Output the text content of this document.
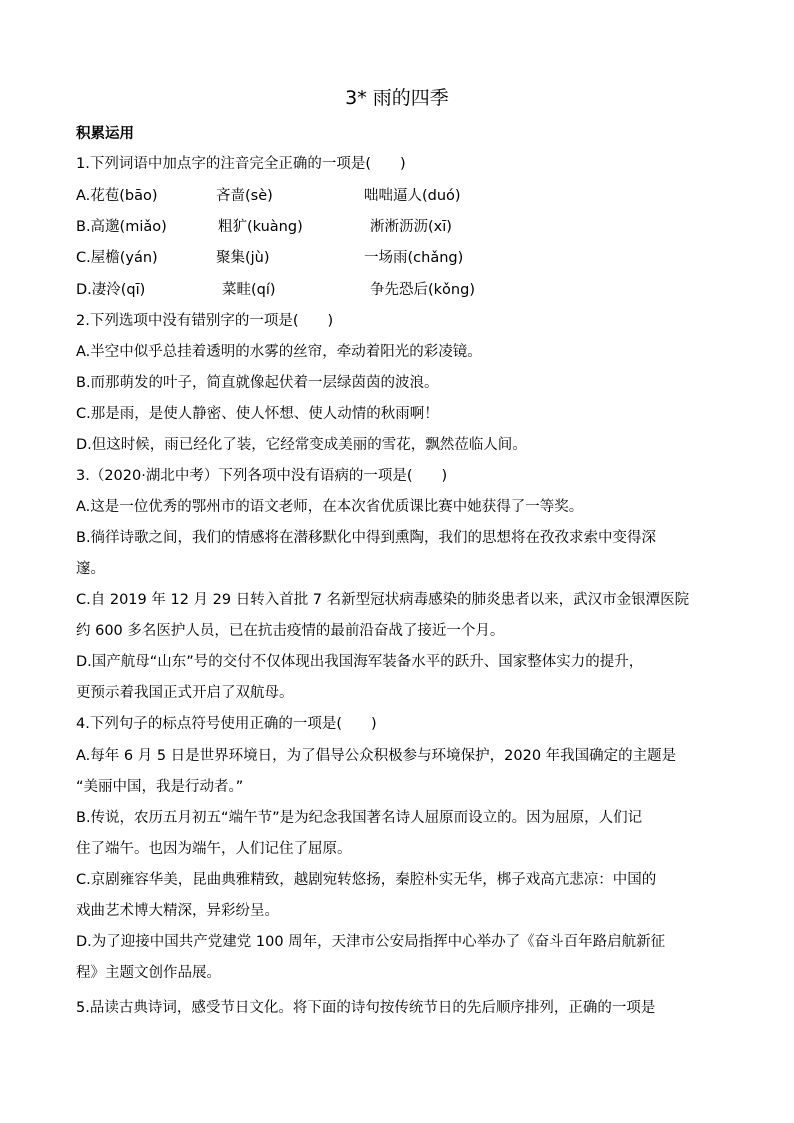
3* 雨的四季
积累运用
1.下列词语中加点字的注音完全正确的一项是(　　)
A.花苞(bāo)	吝啬(sè)	咄咄逼人(duó)
B.高邈(miǎo)	粗犷(kuàng)	淅淅沥沥(xī)
C.屋檐(yán)	聚集(jù)	一场雨(chǎng)
D.凄泠(qī)	菜畦(qí)	争先恐后(kǒng)
2.下列选项中没有错别字的一项是(　　)
A.半空中似乎总挂着透明的水雾的丝帘，牵动着阳光的彩凌镜。
B.而那萌发的叶子，简直就像起伏着一层绿茵茵的波浪。
C.那是雨，是使人静密、使人怀想、使人动情的秋雨啊！
D.但这时候，雨已经化了装，它经常变成美丽的雪花，飘然莅临人间。
3.（2020·湖北中考）下列各项中没有语病的一项是(　　)
A.这是一位优秀的鄂州市的语文老师，在本次省优质课比赛中她获得了一等奖。
B.徜徉诗歌之间，我们的情感将在潜移默化中得到熏陶，我们的思想将在孜孜求索中变得深
邃。
C.自 2019 年 12 月 29 日转入首批 7 名新型冠状病毒感染的肺炎患者以来，武汉市金银潭医院
约 600 多名医护人员，已在抗击疫情的最前沿奋战了接近一个月。
D.国产航母“山东”号的交付不仅体现出我国海军装备水平的跃升、国家整体实力的提升，
更预示着我国正式开启了双航母。
4.下列句子的标点符号使用正确的一项是(　　)
A.每年 6 月 5 日是世界环境日，为了倡导公众积极参与环境保护，2020 年我国确定的主题是
“美丽中国，我是行动者。”
B.传说，农历五月初五“端午节”是为纪念我国著名诗人屈原而设立的。因为屈原，人们记
住了端午。也因为端午，人们记住了屈原。
C.京剧雍容华美，昆曲典雅精致，越剧宛转悠扬，秦腔朴实无华，梆子戏高亢悲凉：中国的
戏曲艺术博大精深，异彩纷呈。
D.为了迎接中国共产党建党 100 周年，天津市公安局指挥中心举办了《奋斗百年路启航新征
程》主题文创作品展。
5.品读古典诗词，感受节日文化。将下面的诗句按传统节日的先后顺序排列，正确的一项是
